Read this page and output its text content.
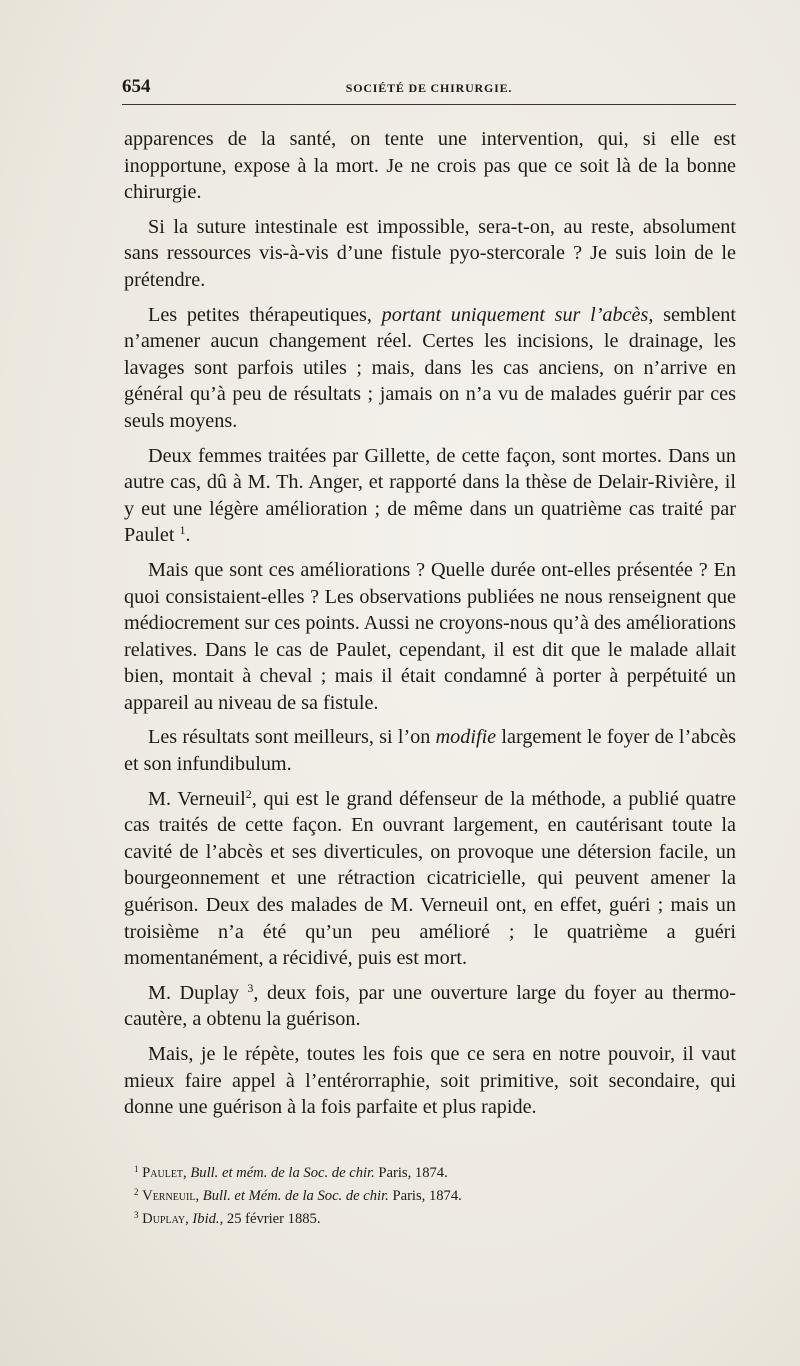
654	SOCIÉTÉ DE CHIRURGIE.

apparences de la santé, on tente une intervention, qui, si elle est inopportune, expose à la mort. Je ne crois pas que ce soit là de la bonne chirurgie.

Si la suture intestinale est impossible, sera-t-on, au reste, absolument sans ressources vis-à-vis d’une fistule pyo-stercorale ? Je suis loin de le prétendre.

Les petites thérapeutiques, portant uniquement sur l’abcès, semblent n’amener aucun changement réel. Certes les incisions, le drainage, les lavages sont parfois utiles ; mais, dans les cas anciens, on n’arrive en général qu’à peu de résultats ; jamais on n’a vu de malades guérir par ces seuls moyens.

Deux femmes traitées par Gillette, de cette façon, sont mortes. Dans un autre cas, dû à M. Th. Anger, et rapporté dans la thèse de Delair-Rivière, il y eut une légère amélioration ; de même dans un quatrième cas traité par Paulet $^1$.

Mais que sont ces améliorations ? Quelle durée ont-elles présentée ? En quoi consistaient-elles ? Les observations publiées ne nous renseignent que médiocrement sur ces points. Aussi ne croyons-nous qu’à des améliorations relatives. Dans le cas de Paulet, cependant, il est dit que le malade allait bien, montait à cheval ; mais il était condamné à porter à perpétuité un appareil au niveau de sa fistule.

Les résultats sont meilleurs, si l’on modifie largement le foyer de l’abcès et son infundibulum.

M. Verneuil$^2$, qui est le grand défenseur de la méthode, a publié quatre cas traités de cette façon. En ouvrant largement, en cautérisant toute la cavité de l’abcès et ses diverticules, on provoque une détersion facile, un bourgeonnement et une rétraction cicatricielle, qui peuvent amener la guérison. Deux des malades de M. Verneuil ont, en effet, guéri ; mais un troisième n’a été qu’un peu amélioré ; le quatrième a guéri momentanément, a récidivé, puis est mort.

M. Duplay $^3$, deux fois, par une ouverture large du foyer au thermo-cautère, a obtenu la guérison.

Mais, je le répète, toutes les fois que ce sera en notre pouvoir, il vaut mieux faire appel à l’entérorraphie, soit primitive, soit secondaire, qui donne une guérison à la fois parfaite et plus rapide.

$^1$ Paulet, Bull. et mém. de la Soc. de chir. Paris, 1874.
$^2$ Verneuil, Bull. et Mém. de la Soc. de chir. Paris, 1874.
$^3$ Duplay, Ibid., 25 février 1885.
